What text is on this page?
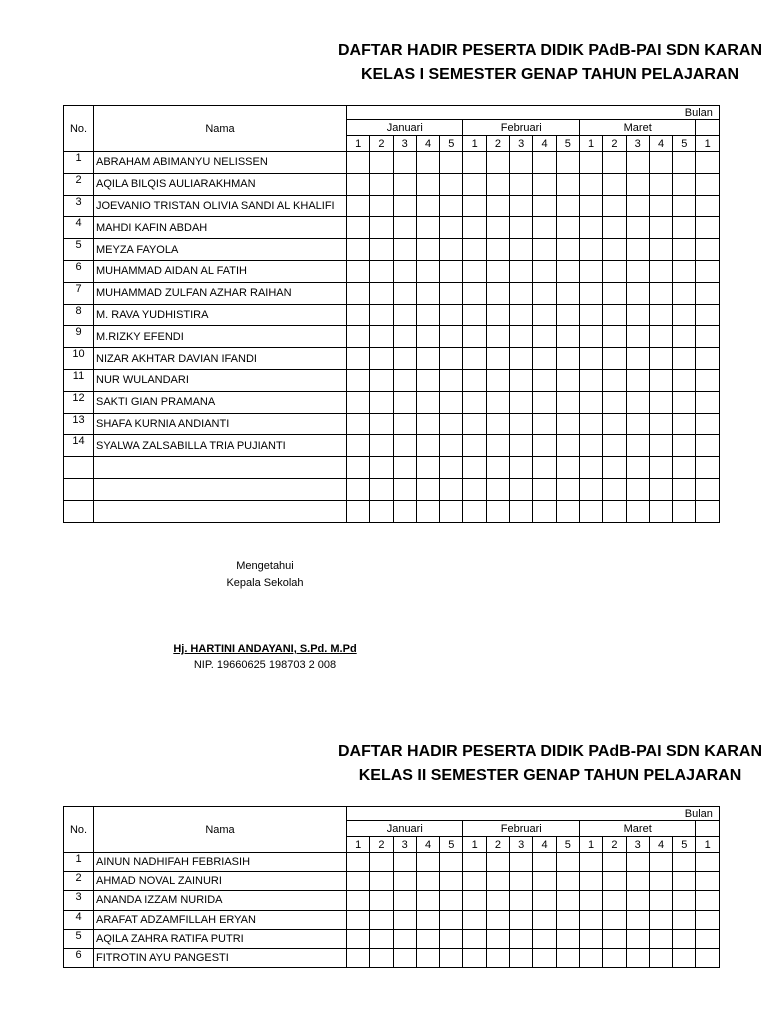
DAFTAR HADIR PESERTA DIDIK PAdB-PAI SDN KARAN
KELAS I SEMESTER GENAP TAHUN PELAJARAN
No.	Nama	Bulan															
		Januari					Februari					Maret					
		1	2	3	4	5	1	2	3	4	5	1	2	3	4	5	1
1	ABRAHAM ABIMANYU NELISSEN																
2	AQILA BILQIS AULIARAKHMAN																
3	JOEVANIO TRISTAN OLIVIA SANDI AL KHALIFI																
4	MAHDI KAFIN ABDAH																
5	MEYZA FAYOLA																
6	MUHAMMAD AIDAN AL FATIH																
7	MUHAMMAD ZULFAN AZHAR RAIHAN																
8	M. RAVA YUDHISTIRA																
9	M.RIZKY EFENDI																
10	NIZAR AKHTAR DAVIAN IFANDI																
11	NUR WULANDARI																
12	SAKTI GIAN PRAMANA																
13	SHAFA KURNIA ANDIANTI																
14	SYALWA ZALSABILLA TRIA PUJIANTI																

Mengetahui
Kepala Sekolah
Hj. HARTINI ANDAYANI, S.Pd. M.Pd
NIP. 19660625 198703 2 008
DAFTAR HADIR PESERTA DIDIK PAdB-PAI SDN KARAN
KELAS II SEMESTER GENAP TAHUN PELAJARAN
No.	Nama	Bulan															
		Januari					Februari					Maret					
		1	2	3	4	5	1	2	3	4	5	1	2	3	4	5	1
1	AINUN NADHIFAH FEBRIASIH																
2	AHMAD NOVAL ZAINURI																
3	ANANDA IZZAM NURIDA																
4	ARAFAT ADZAMFILLAH ERYAN																
5	AQILA ZAHRA RATIFA PUTRI																
6	FITROTIN AYU PANGESTI																
